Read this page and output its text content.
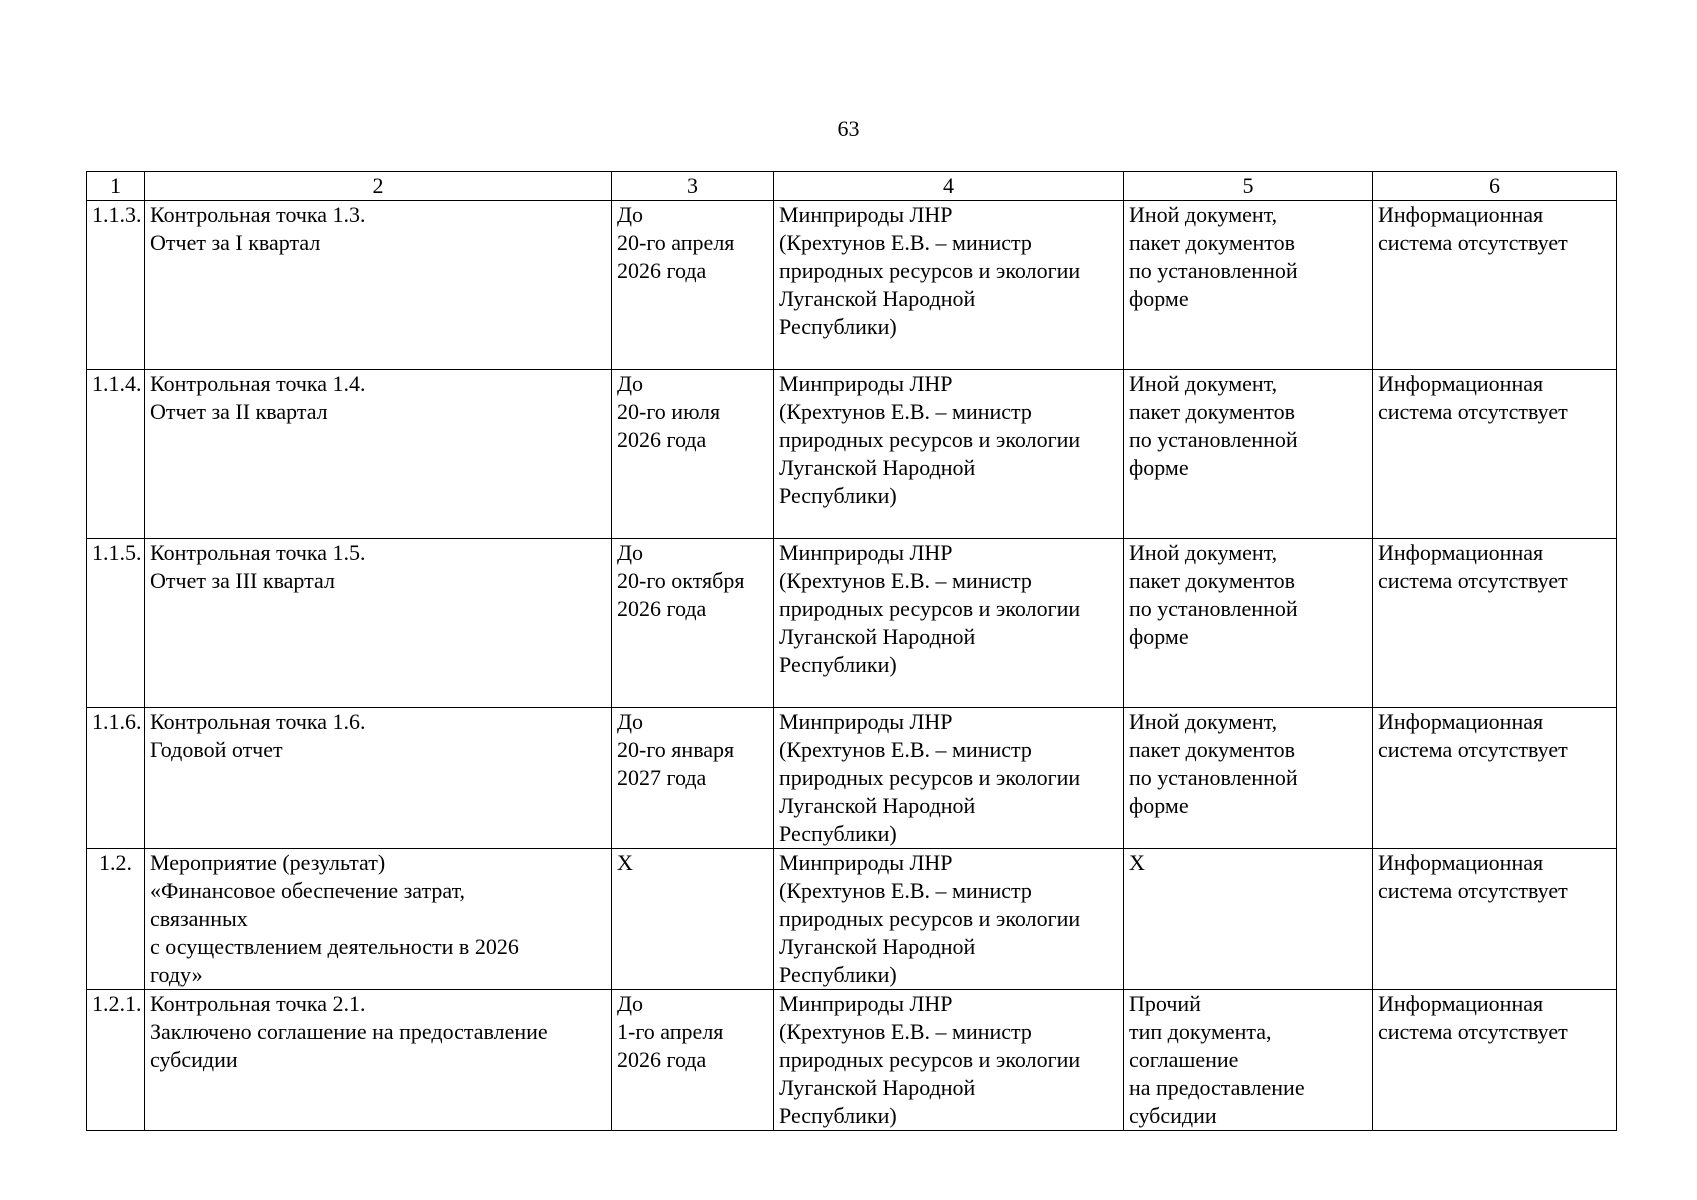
63
1	2	3	4	5	6
1.1.3.	Контрольная точка 1.3.
Отчет за I квартал	До
20-го апреля
2026 года	Минприроды ЛНР
(Крехтунов Е.В. – министр
природных ресурсов и экологии
Луганской Народной
Республики)	Иной документ,
пакет документов
по установленной
форме	Информационная
система отсутствует

1.1.4.	Контрольная точка 1.4.
Отчет за II квартал	До
20-го июля
2026 года	Минприроды ЛНР
(Крехтунов Е.В. – министр
природных ресурсов и экологии
Луганской Народной
Республики)	Иной документ,
пакет документов
по установленной
форме	Информационная
система отсутствует

1.1.5.	Контрольная точка 1.5.
Отчет за III квартал	До
20-го октября
2026 года	Минприроды ЛНР
(Крехтунов Е.В. – министр
природных ресурсов и экологии
Луганской Народной
Республики)	Иной документ,
пакет документов
по установленной
форме	Информационная
система отсутствует

1.1.6.	Контрольная точка 1.6.
Годовой отчет	До
20-го января
2027 года	Минприроды ЛНР
(Крехтунов Е.В. – министр
природных ресурсов и экологии
Луганской Народной
Республики)	Иной документ,
пакет документов
по установленной
форме	Информационная
система отсутствует

1.2.	Мероприятие (результат)
«Финансовое обеспечение затрат,
связанных
с осуществлением деятельности в 2026
году»	X	Минприроды ЛНР
(Крехтунов Е.В. – министр
природных ресурсов и экологии
Луганской Народной
Республики)	X	Информационная
система отсутствует

1.2.1.	Контрольная точка 2.1.
Заключено соглашение на предоставление
субсидии	До
1-го апреля
2026 года	Минприроды ЛНР
(Крехтунов Е.В. – министр
природных ресурсов и экологии
Луганской Народной
Республики)	Прочий
тип документа,
соглашение
на предоставление
субсидии	Информационная
система отсутствует
